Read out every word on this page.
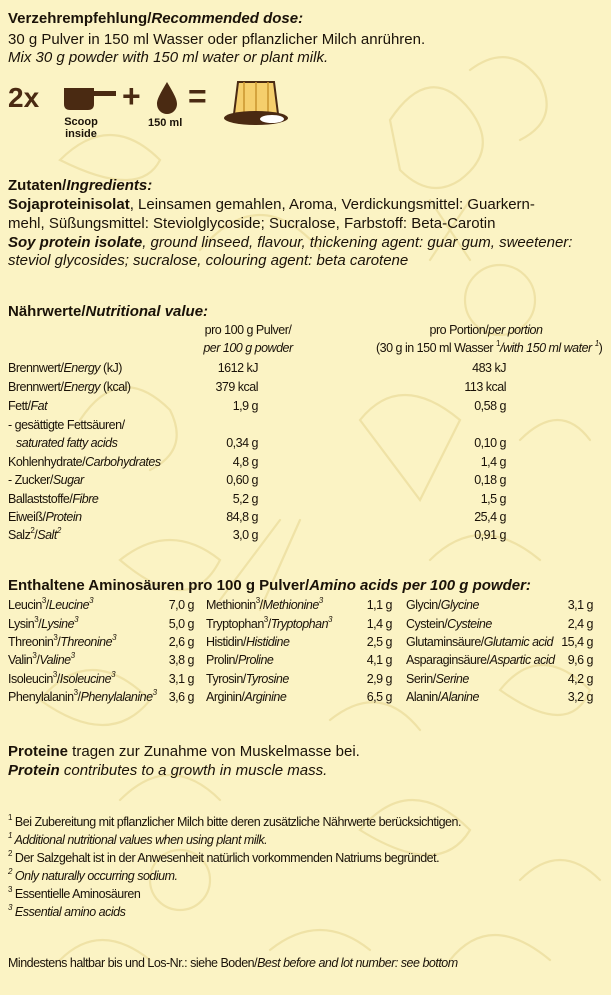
Verzehrempfehlung/Recommended dose:
30 g Pulver in 150 ml Wasser oder pflanzlicher Milch anrühren.
Mix 30 g powder with 150 ml water or plant milk.
2x
Scoop
inside
+
150 ml
=
Zutaten/Ingredients:
Sojaproteinisolat, Leinsamen gemahlen, Aroma, Verdickungsmittel: Guarkern-
mehl, Süßungsmittel: Steviolglycoside; Sucralose, Farbstoff: Beta-Carotin
Soy protein isolate, ground linseed, flavour, thickening agent: guar gum, sweetener:
steviol glycosides; sucralose, colouring agent: beta carotene
Nährwerte/Nutritional value:
pro 100 g Pulver/
per 100 g powder
pro Portion/per portion
(30 g in 150 ml Wasser $^1$/with 150 ml water $^1$)
Brennwert/Energy (kJ)	1612 kJ	483 kJ
Brennwert/Energy (kcal)	379 kcal	113 kcal
Fett/Fat	1,9 g	0,58 g
- gesättigte Fettsäuren/
saturated fatty acids	0,34 g	0,10 g
Kohlenhydrate/Carbohydrates	4,8 g	1,4 g
- Zucker/Sugar	0,60 g	0,18 g
Ballaststoffe/Fibre	5,2 g	1,5 g
Eiweiß/Protein	84,8 g	25,4 g
Salz$^2$/Salt$^2$	3,0 g	0,91 g
Enthaltene Aminosäuren pro 100 g Pulver/Amino acids per 100 g powder:
Leucin$^3$/Leucine$^3$	7,0 g
Lysin$^3$/Lysine$^3$	5,0 g
Threonin$^3$/Threonine$^3$	2,6 g
Valin$^3$/Valine$^3$	3,8 g
Isoleucin$^3$/Isoleucine$^3$	3,1 g
Phenylalanin$^3$/Phenylalanine$^3$ 3,6 g
Methionin$^3$/Methionine$^3$	1,1 g
Tryptophan$^3$/Tryptophan$^3$	1,4 g
Histidin/Histidine	2,5 g
Prolin/Proline	4,1 g
Tyrosin/Tyrosine	2,9 g
Arginin/Arginine	6,5 g
Glycin/Glycine	3,1 g
Cystein/Cysteine	2,4 g
Glutaminsäure/Glutamic acid 15,4 g
Asparaginsäure/Aspartic acid	9,6 g
Serin/Serine	4,2 g
Alanin/Alanine	3,2 g
Proteine tragen zur Zunahme von Muskelmasse bei.
Protein contributes to a growth in muscle mass.
$^1$ Bei Zubereitung mit pflanzlicher Milch bitte deren zusätzliche Nährwerte berücksichtigen.
$^1$ Additional nutritional values when using plant milk.
$^2$ Der Salzgehalt ist in der Anwesenheit natürlich vorkommenden Natriums begründet.
$^2$ Only naturally occurring sodium.
$^3$ Essentielle Aminosäuren
$^3$ Essential amino acids
Mindestens haltbar bis und Los-Nr.: siehe Boden/Best before and lot number: see bottom
